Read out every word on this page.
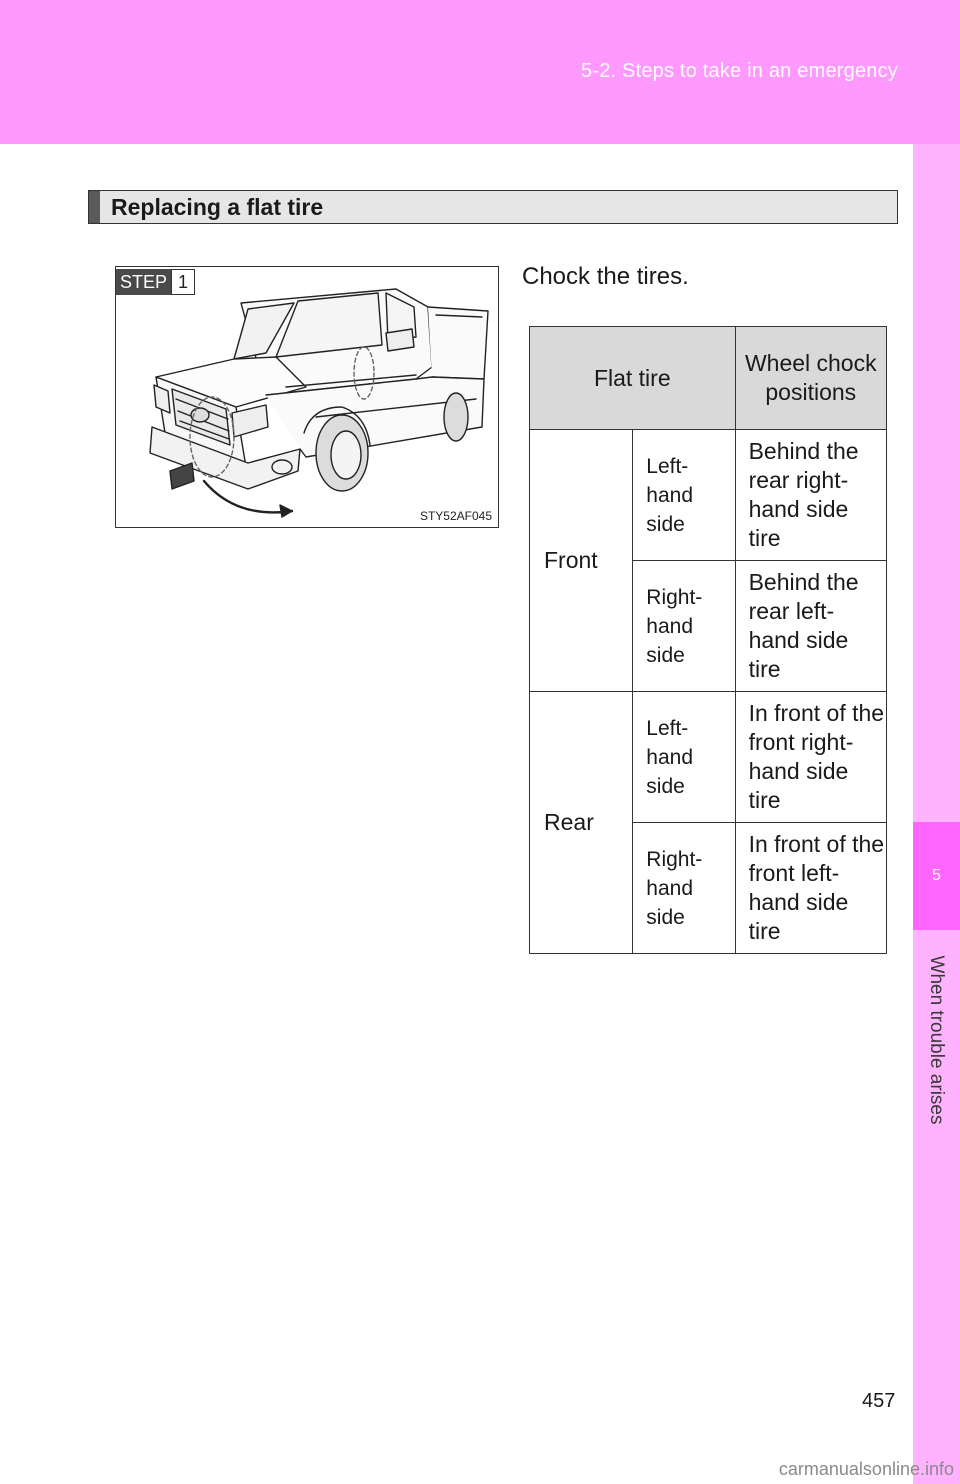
5-2. Steps to take in an emergency
5
When trouble arises
Replacing a flat tire
STEP 1
STY52AF045
Chock the tires.
Flat tire		Wheel chock positions
Front	Left-hand side	Behind the rear right-hand side tire
	Right-hand side	Behind the rear left-hand side tire
Rear	Left-hand side	In front of the front right-hand side tire
	Right-hand side	In front of the front left-hand side tire
457
carmanualsonline.info
